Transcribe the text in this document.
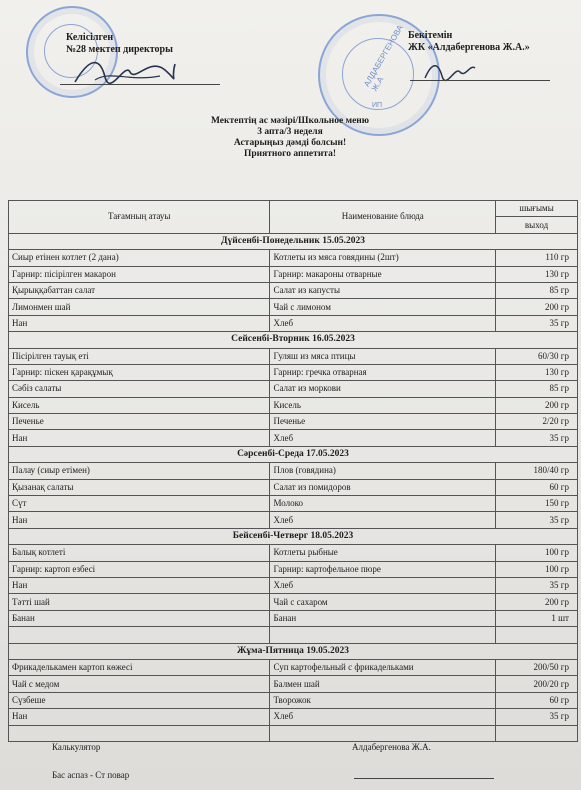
АЛДАБЕРГЕНОВА Ж.А
ИП
Келісілген
№28 мектеп директоры
Бекітемін
ЖК «Алдабергенова Ж.А.»
Мектептің ас мәзірі/Школьное меню
3 апта/3 неделя
Астарыңыз дәмді болсын!
Приятного аппетита!
Тағамның атауы	Наименование блюда	шығымы
		выход
Дүйсенбі-Понедельник 15.05.2023		
Сиыр етінен котлет (2 дана)	Котлеты из мяса говядины (2шт)	110 гр
Гарнир: пісірілген макарон	Гарнир: макароны отварные	130 гр
Қырыққабаттан салат	Салат из капусты	85 гр
Лимонмен шай	Чай с лимоном	200 гр
Нан	Хлеб	35 гр
Сейсенбі-Вторник 16.05.2023		
Пісірілген тауық еті	Гуляш из мяса птицы	60/30 гр
Гарнир: піскен қарақұмық	Гарнир: гречка отварная	130 гр
Сәбіз салаты	Салат из моркови	85 гр
Кисель	Кисель	200 гр
Печенье	Печенье	2/20 гр
Нан	Хлеб	35 гр
Сәрсенбі-Среда 17.05.2023		
Палау (сиыр етімен)	Плов (говядина)	180/40 гр
Қызанақ салаты	Салат из помидоров	60 гр
Сүт	Молоко	150 гр
Нан	Хлеб	35 гр
Бейсенбі-Четверг 18.05.2023		
Балық котлеті	Котлеты рыбные	100 гр
Гарнир: картоп езбесі	Гарнир: картофельное пюре	100 гр
Нан	Хлеб	35 гр
Тәтті шай	Чай с сахаром	200 гр
Банан	Банан	1 шт

Жұма-Пятница 19.05.2023		
Фрикаделькамен картоп көжесі	Суп картофельный с фрикадельками	200/50 гр
Чай с медом	Балмен шай	200/20 гр
Сүзбеше	Творожок	60 гр
Нан	Хлеб	35 гр

Калькулятор
Бас аспаз - Ст повар
Алдабергенова Ж.А.
